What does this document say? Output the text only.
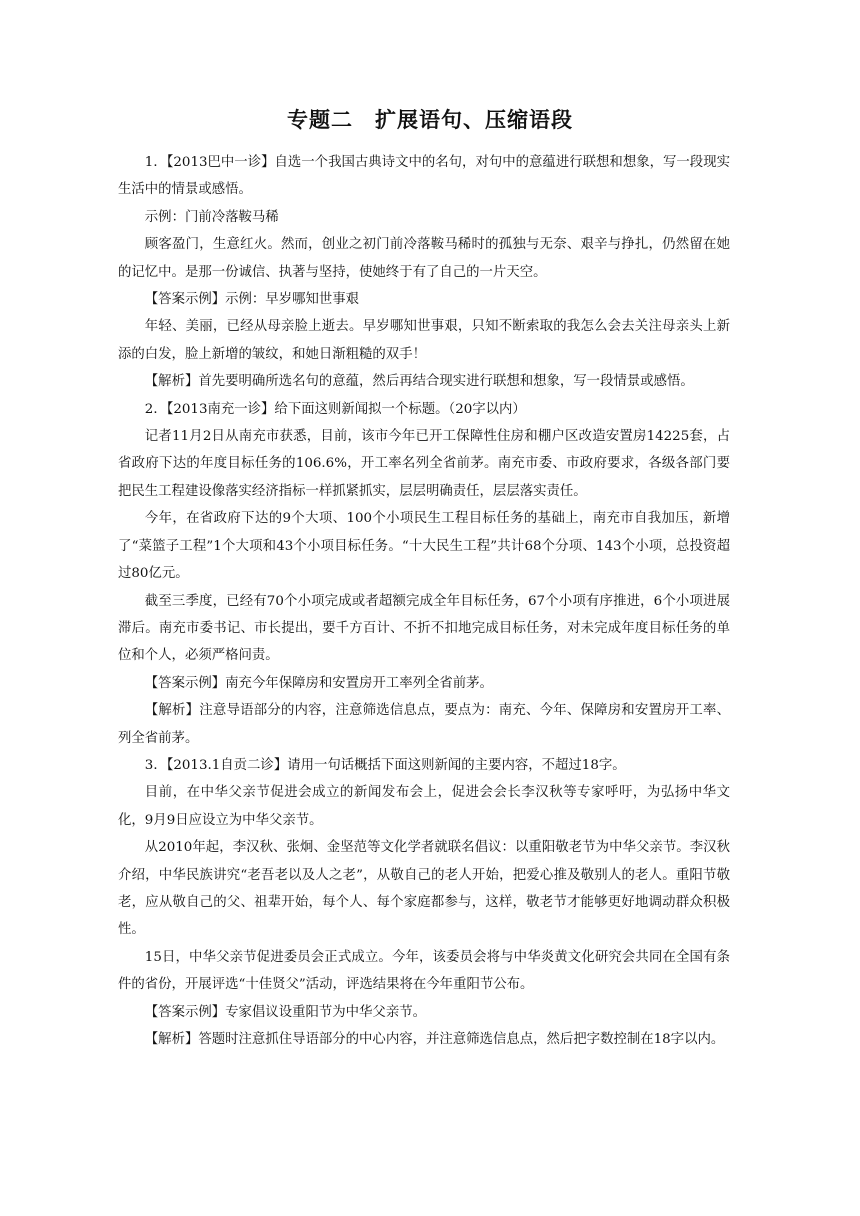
专题二　扩展语句、压缩语段

1．【2013巴中一诊】自选一个我国古典诗文中的名句，对句中的意蕴进行联想和想象，写一段现实生活中的情景或感悟。

示例：门前冷落鞍马稀

顾客盈门，生意红火。然而，创业之初门前冷落鞍马稀时的孤独与无奈、艰辛与挣扎，仍然留在她的记忆中。是那一份诚信、执著与坚持，使她终于有了自己的一片天空。

【答案示例】示例：早岁哪知世事艰

年轻、美丽，已经从母亲脸上逝去。早岁哪知世事艰，只知不断索取的我怎么会去关注母亲头上新添的白发，脸上新增的皱纹，和她日渐粗糙的双手！

【解析】首先要明确所选名句的意蕴，然后再结合现实进行联想和想象，写一段情景或感悟。

2．【2013南充一诊】给下面这则新闻拟一个标题。（20字以内）

记者11月2日从南充市获悉，目前，该市今年已开工保障性住房和棚户区改造安置房14225套，占省政府下达的年度目标任务的106.6%，开工率名列全省前茅。南充市委、市政府要求，各级各部门要把民生工程建设像落实经济指标一样抓紧抓实，层层明确责任，层层落实责任。

今年，在省政府下达的9个大项、100个小项民生工程目标任务的基础上，南充市自我加压，新增了“菜篮子工程”1个大项和43个小项目标任务。“十大民生工程”共计68个分项、143个小项，总投资超过80亿元。

截至三季度，已经有70个小项完成或者超额完成全年目标任务，67个小项有序推进，6个小项进展滞后。南充市委书记、市长提出，要千方百计、不折不扣地完成目标任务，对未完成年度目标任务的单位和个人，必须严格问责。

【答案示例】南充今年保障房和安置房开工率列全省前茅。

【解析】注意导语部分的内容，注意筛选信息点，要点为：南充、今年、保障房和安置房开工率、列全省前茅。

3．【2013.1自贡二诊】请用一句话概括下面这则新闻的主要内容，不超过18字。

目前，在中华父亲节促进会成立的新闻发布会上，促进会会长李汉秋等专家呼吁，为弘扬中华文化，9月9日应设立为中华父亲节。

从2010年起，李汉秋、张炯、金坚范等文化学者就联名倡议：以重阳敬老节为中华父亲节。李汉秋介绍，中华民族讲究“老吾老以及人之老”，从敬自己的老人开始，把爱心推及敬别人的老人。重阳节敬老，应从敬自己的父、祖辈开始，每个人、每个家庭都参与，这样，敬老节才能够更好地调动群众积极性。

15日，中华父亲节促进委员会正式成立。今年，该委员会将与中华炎黄文化研究会共同在全国有条件的省份，开展评选“十佳贤父”活动，评选结果将在今年重阳节公布。

【答案示例】专家倡议设重阳节为中华父亲节。

【解析】答题时注意抓住导语部分的中心内容，并注意筛选信息点，然后把字数控制在18字以内。
